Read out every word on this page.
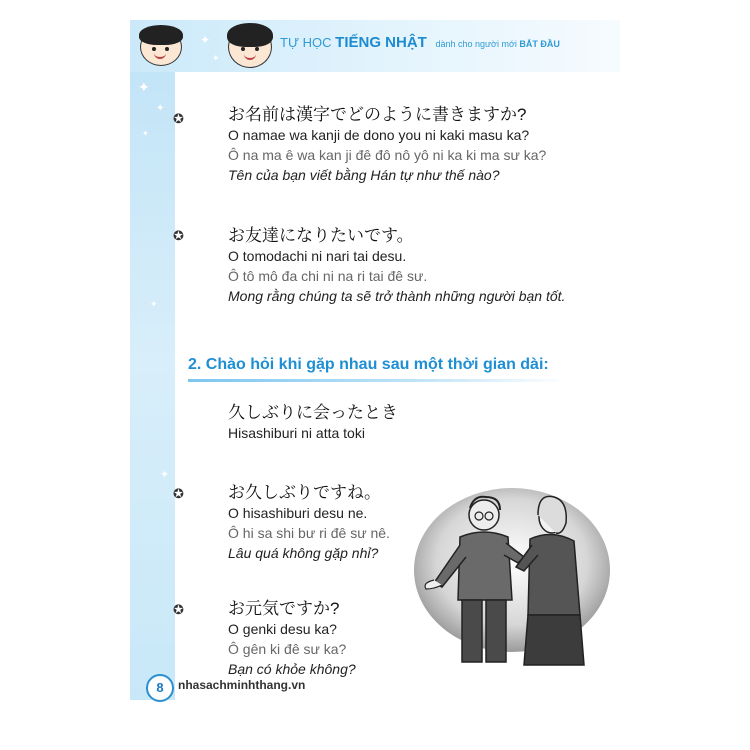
✦
✦
✦
✦
✦
✦
✦
TỰ HỌC TIẾNG NHẬT dành cho người mới BẮT ĐẦU
✪	お名前は漢字でどのように書きますか?
O namae wa kanji de dono you ni kaki masu ka?
Ô na ma ê wa kan ji đê đô nô yô ni ka ki ma sư ka?
Tên của bạn viết bằng Hán tự như thế nào?
✪	お友達になりたいです。
O tomodachi ni nari tai desu.
Ô tô mô đa chi ni na ri tai đê sư.
Mong rằng chúng ta sẽ trở thành những người bạn tốt.
2. Chào hỏi khi gặp nhau sau một thời gian dài:
久しぶりに会ったとき
Hisashiburi ni atta toki
✪	お久しぶりですね。
O hisashiburi desu ne.
Ô hi sa shi bư ri đê sư nê.
Lâu quá không gặp nhỉ?
✪	お元気ですか?
O genki desu ka?
Ô gên ki đê sư ka?
Bạn có khỏe không?
8	nhasachminhthang.vn
